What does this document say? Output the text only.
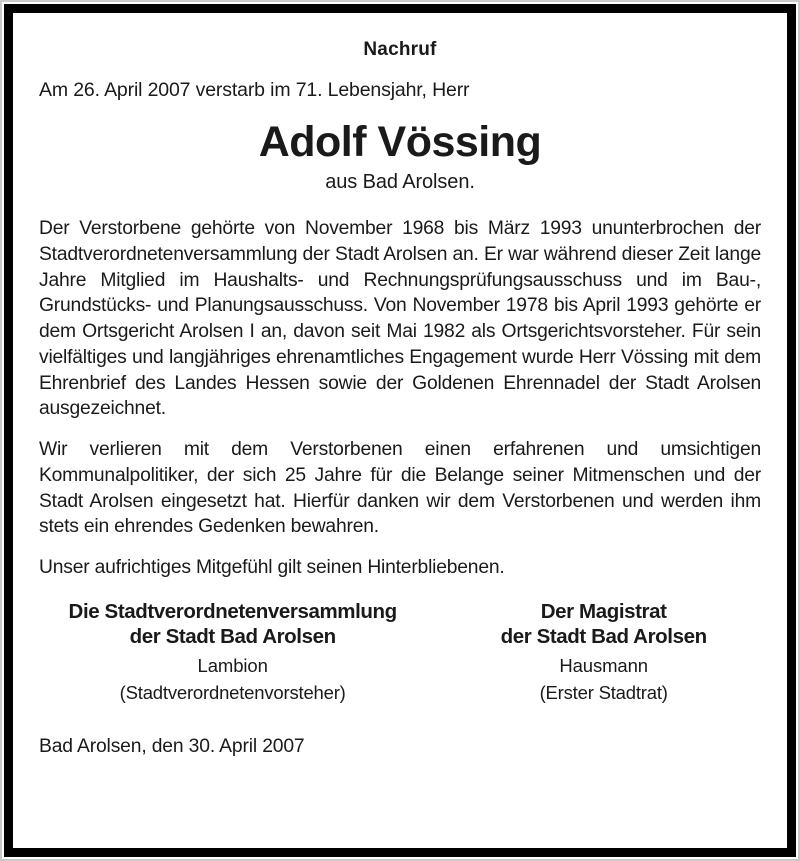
Nachruf
Am 26. April 2007 verstarb im 71. Lebensjahr, Herr
Adolf Vössing
aus Bad Arolsen.

Der Verstorbene gehörte von November 1968 bis März 1993 ununterbrochen der Stadtverordnetenversammlung der Stadt Arolsen an. Er war während dieser Zeit lange Jahre Mitglied im Haushalts- und Rechnungsprüfungsausschuss und im Bau-, Grundstücks- und Planungsausschuss. Von November 1978 bis April 1993 gehörte er dem Ortsgericht Arolsen I an, davon seit Mai 1982 als Ortsgerichtsvorsteher. Für sein vielfältiges und langjähriges ehrenamtliches Engagement wurde Herr Vössing mit dem Ehrenbrief des Landes Hessen sowie der Goldenen Ehrennadel der Stadt Arolsen ausgezeichnet.

Wir verlieren mit dem Verstorbenen einen erfahrenen und umsichtigen Kommunalpolitiker, der sich 25 Jahre für die Belange seiner Mitmenschen und der Stadt Arolsen eingesetzt hat. Hierfür danken wir dem Verstorbenen und werden ihm stets ein ehrendes Gedenken bewahren.

Unser aufrichtiges Mitgefühl gilt seinen Hinterbliebenen.

Die Stadtverordnetenversammlung
der Stadt Bad Arolsen
Lambion
(Stadtverordnetenvorsteher)
Der Magistrat
der Stadt Bad Arolsen
Hausmann
(Erster Stadtrat)
Bad Arolsen, den 30. April 2007
